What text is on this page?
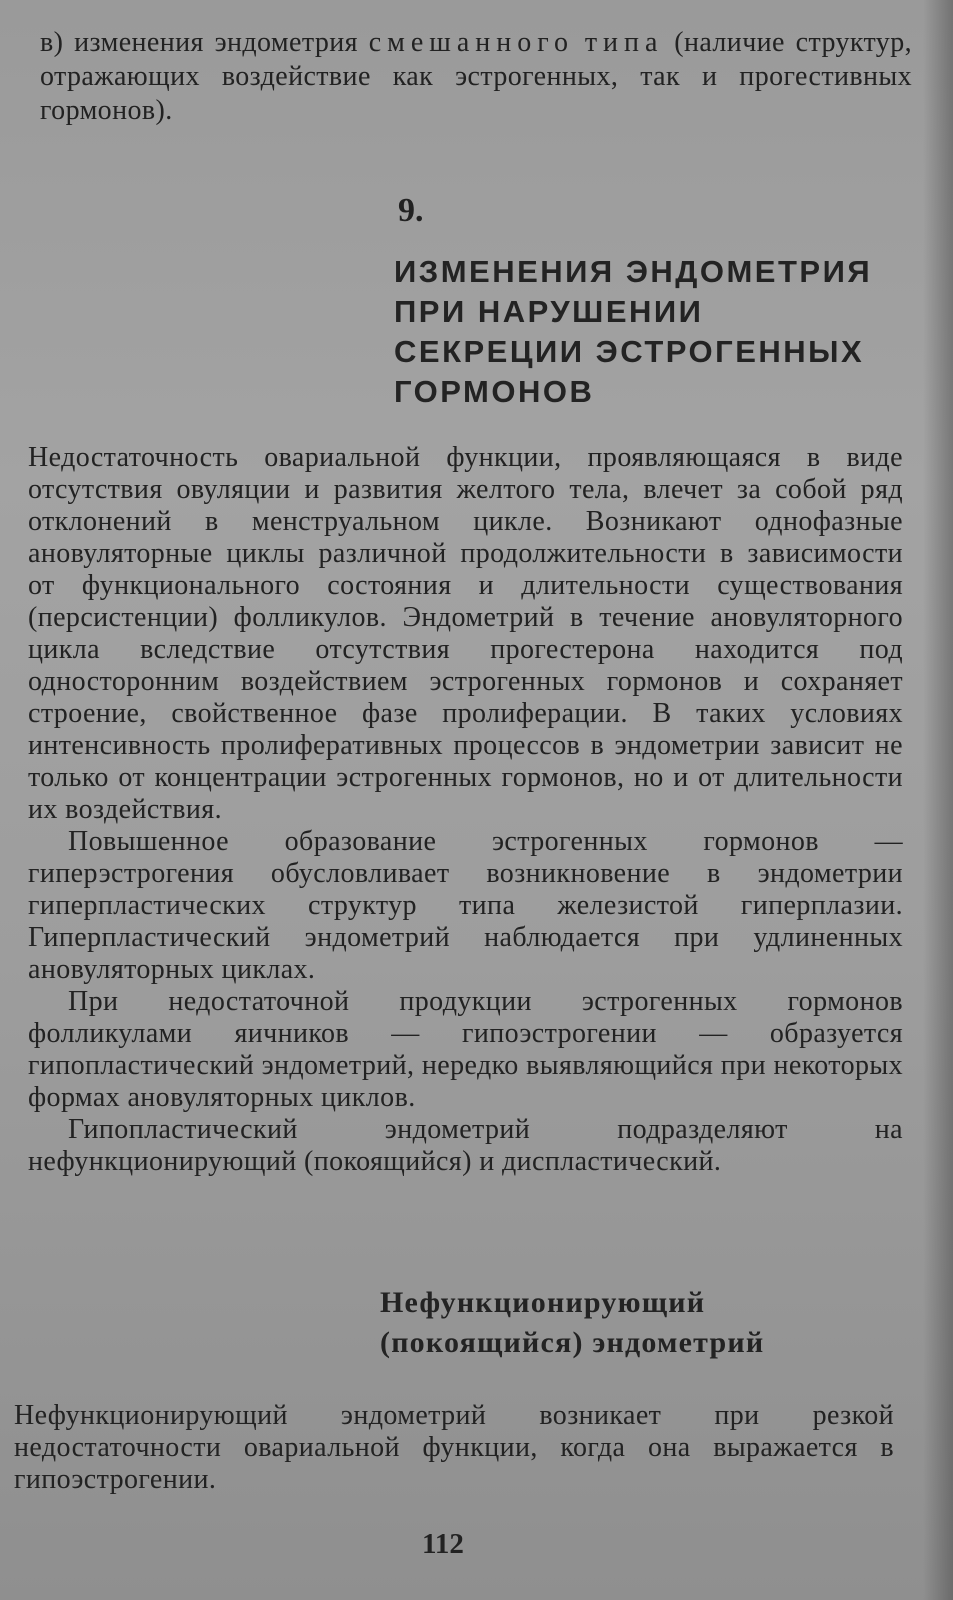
в) изменения эндометрия смешанного типа (наличие структур, отражающих воздействие как эстрогенных, так и прогестивных гормонов).

9.
ИЗМЕНЕНИЯ ЭНДОМЕТРИЯ
ПРИ НАРУШЕНИИ
СЕКРЕЦИИ ЭСТРОГЕННЫХ
ГОРМОНОВ

Недостаточность овариальной функции, проявляющаяся в виде отсутствия овуляции и развития желтого тела, влечет за собой ряд отклонений в менструальном цикле. Возникают однофазные ановуляторные циклы различной продолжительности в зависимости от функционального состояния и длительности существования (персистенции) фолликулов. Эндометрий в течение ановуляторного цикла вследствие отсутствия прогестерона находится под односторонним воздействием эстрогенных гормонов и сохраняет строение, свойственное фазе пролиферации. В таких условиях интенсивность пролиферативных процессов в эндометрии зависит не только от концентрации эстрогенных гормонов, но и от длительности их воздействия.

Повышенное образование эстрогенных гормонов — гиперэстрогения обусловливает возникновение в эндометрии гиперпластических структур типа железистой гиперплазии. Гиперпластический эндометрий наблюдается при удлиненных ановуляторных циклах.

При недостаточной продукции эстрогенных гормонов фолликулами яичников — гипоэстрогении — образуется гипопластический эндометрий, нередко выявляющийся при некоторых формах ановуляторных циклов.

Гипопластический эндометрий подразделяют на нефункционирующий (покоящийся) и диспластический.

Нефункционирующий
(покоящийся) эндометрий

Нефункционирующий эндометрий возникает при резкой недостаточности овариальной функции, когда она выражается в гипоэстрогении.

112
